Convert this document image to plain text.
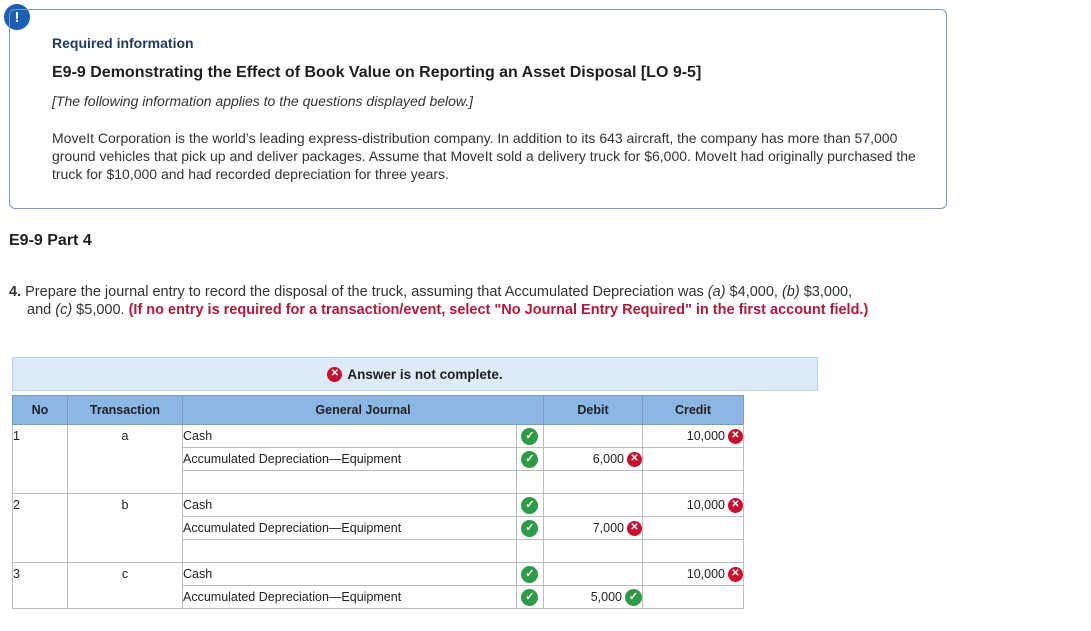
!
Required information
E9-9 Demonstrating the Effect of Book Value on Reporting an Asset Disposal [LO 9-5]
[The following information applies to the questions displayed below.]
MoveIt Corporation is the world’s leading express-distribution company. In addition to its 643 aircraft, the company has more than 57,000 ground vehicles that pick up and deliver packages. Assume that MoveIt sold a delivery truck for $6,000. MoveIt had originally purchased the truck for $10,000 and had recorded depreciation for three years.
E9-9 Part 4
4. Prepare the journal entry to record the disposal of the truck, assuming that Accumulated Depreciation was (a) $4,000, (b) $3,000,
and (c) $5,000. (If no entry is required for a transaction/event, select "No Journal Entry Required" in the first account field.)
✕ Answer is not complete.
No	Transaction	General Journal		Debit	Credit
1	a	Cash	✓		10,000 ✕

		Accumulated Depreciation—Equipment	✓	6,000 ✕	

2	b	Cash	✓		10,000 ✕

		Accumulated Depreciation—Equipment	✓	7,000 ✕	

3	c	Cash	✓		10,000 ✕

		Accumulated Depreciation—Equipment	✓	5,000 ✓	
